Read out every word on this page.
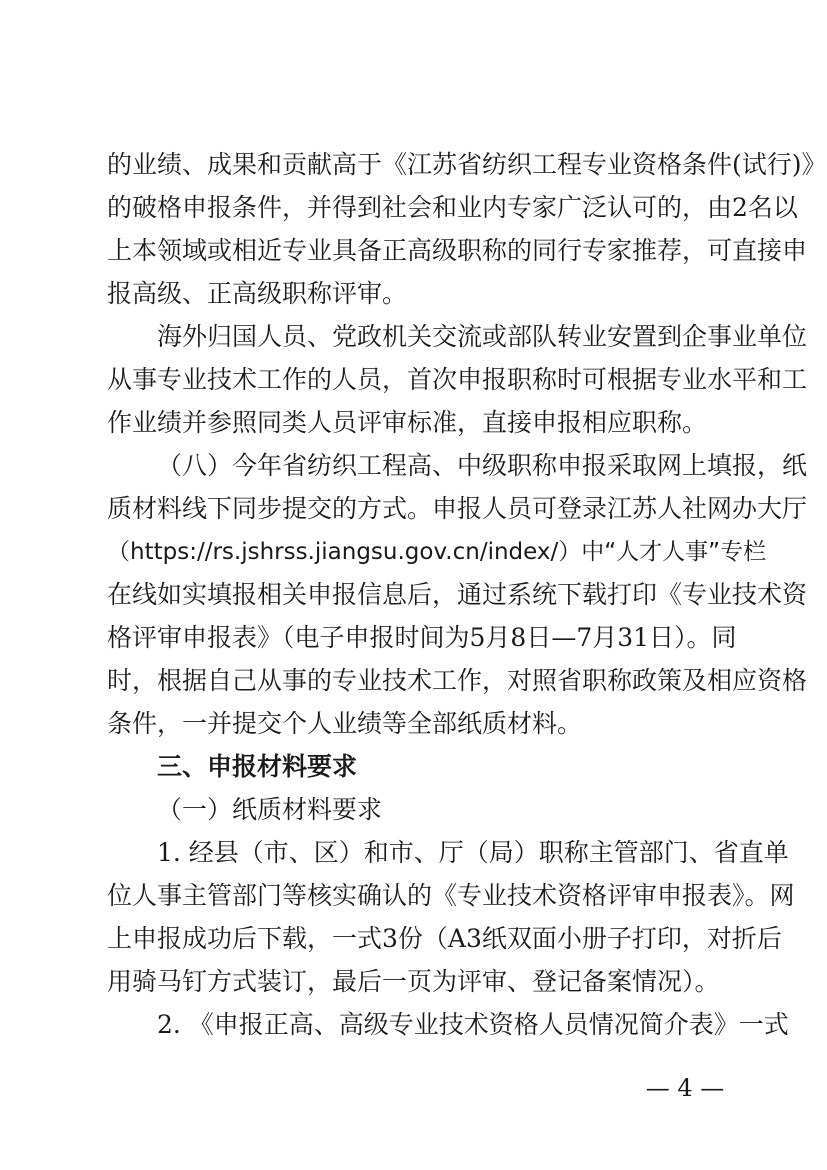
的业绩、成果和贡献高于《江苏省纺织工程专业资格条件(试行)》
的破格申报条件，并得到社会和业内专家广泛认可的，由2名以
上本领域或相近专业具备正高级职称的同行专家推荐，可直接申
报高级、正高级职称评审。
海外归国人员、党政机关交流或部队转业安置到企事业单位
从事专业技术工作的人员，首次申报职称时可根据专业水平和工
作业绩并参照同类人员评审标准，直接申报相应职称。
（八）今年省纺织工程高、中级职称申报采取网上填报，纸
质材料线下同步提交的方式。申报人员可登录江苏人社网办大厅
（https://rs.jshrss.jiangsu.gov.cn/index/）中“人才人事”专栏
在线如实填报相关申报信息后，通过系统下载打印《专业技术资
格评审申报表》（电子申报时间为5月8日—7月31日）。同
时，根据自己从事的专业技术工作，对照省职称政策及相应资格
条件，一并提交个人业绩等全部纸质材料。
三、申报材料要求
（一）纸质材料要求
1. 经县（市、区）和市、厅（局）职称主管部门、省直单
位人事主管部门等核实确认的《专业技术资格评审申报表》。网
上申报成功后下载，一式3份（A3纸双面小册子打印，对折后
用骑马钉方式装订，最后一页为评审、登记备案情况）。
2. 《申报正高、高级专业技术资格人员情况简介表》一式
— 4 —
